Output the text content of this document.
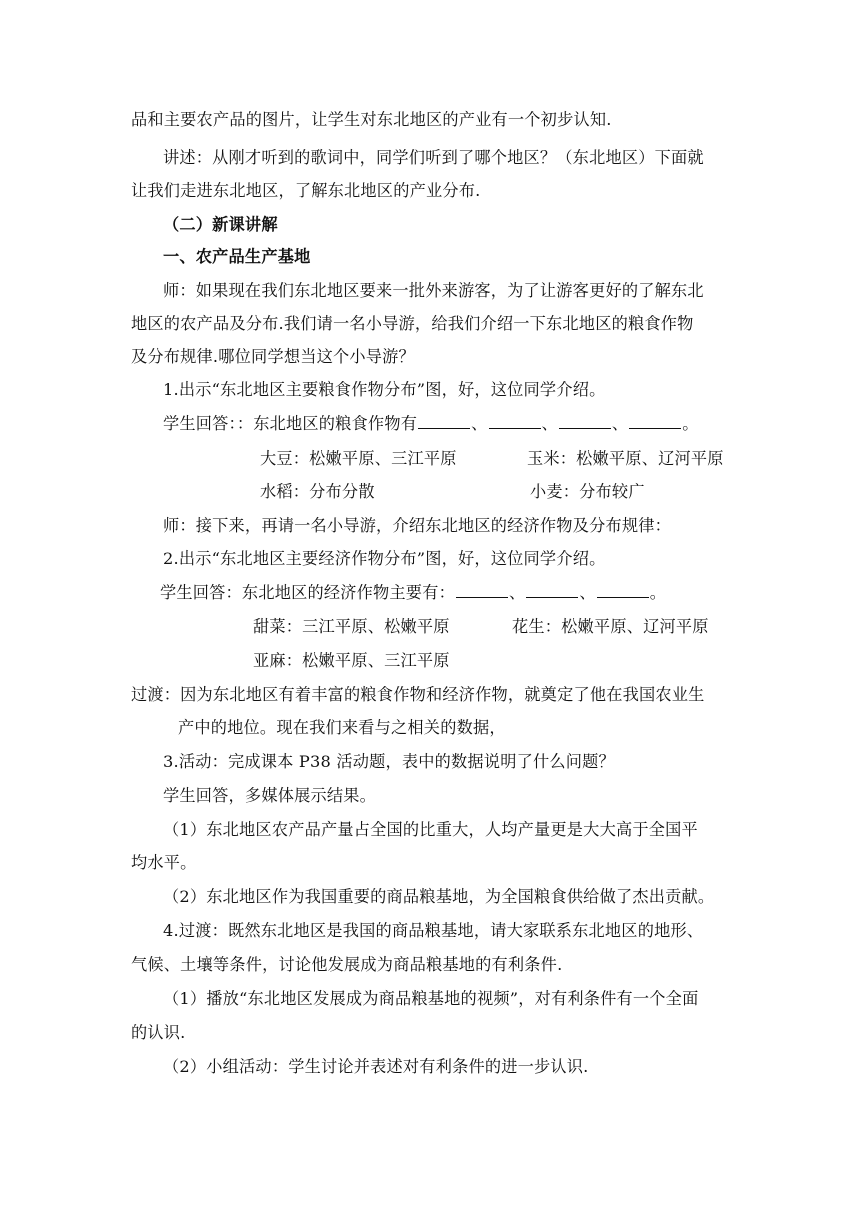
品和主要农产品的图片，让学生对东北地区的产业有一个初步认知.
讲述：从刚才听到的歌词中，同学们听到了哪个地区？（东北地区）下面就
让我们走进东北地区，了解东北地区的产业分布.
（二）新课讲解
一、农产品生产基地
师：如果现在我们东北地区要来一批外来游客，为了让游客更好的了解东北
地区的农产品及分布.我们请一名小导游，给我们介绍一下东北地区的粮食作物
及分布规律.哪位同学想当这个小导游？
1.出示“东北地区主要粮食作物分布”图，好，这位同学介绍。
学生回答：：东北地区的粮食作物有	、	、	、	。
大豆：松嫩平原、三江平原	玉米：松嫩平原、辽河平原
水稻：分布分散	小麦：分布较广
师：接下来，再请一名小导游，介绍东北地区的经济作物及分布规律：
2.出示“东北地区主要经济作物分布”图，好，这位同学介绍。
学生回答：东北地区的经济作物主要有：	、	、	。
甜菜：三江平原、松嫩平原	花生：松嫩平原、辽河平原
亚麻：松嫩平原、三江平原
过渡：因为东北地区有着丰富的粮食作物和经济作物，就奠定了他在我国农业生
产中的地位。现在我们来看与之相关的数据，
3.活动：完成课本 P38 活动题，表中的数据说明了什么问题？
学生回答，多媒体展示结果。
（1）东北地区农产品产量占全国的比重大，人均产量更是大大高于全国平
均水平。
（2）东北地区作为我国重要的商品粮基地，为全国粮食供给做了杰出贡献。
4.过渡：既然东北地区是我国的商品粮基地，请大家联系东北地区的地形、
气候、土壤等条件，讨论他发展成为商品粮基地的有利条件.
（1）播放“东北地区发展成为商品粮基地的视频”，对有利条件有一个全面
的认识.
（2）小组活动：学生讨论并表述对有利条件的进一步认识.
